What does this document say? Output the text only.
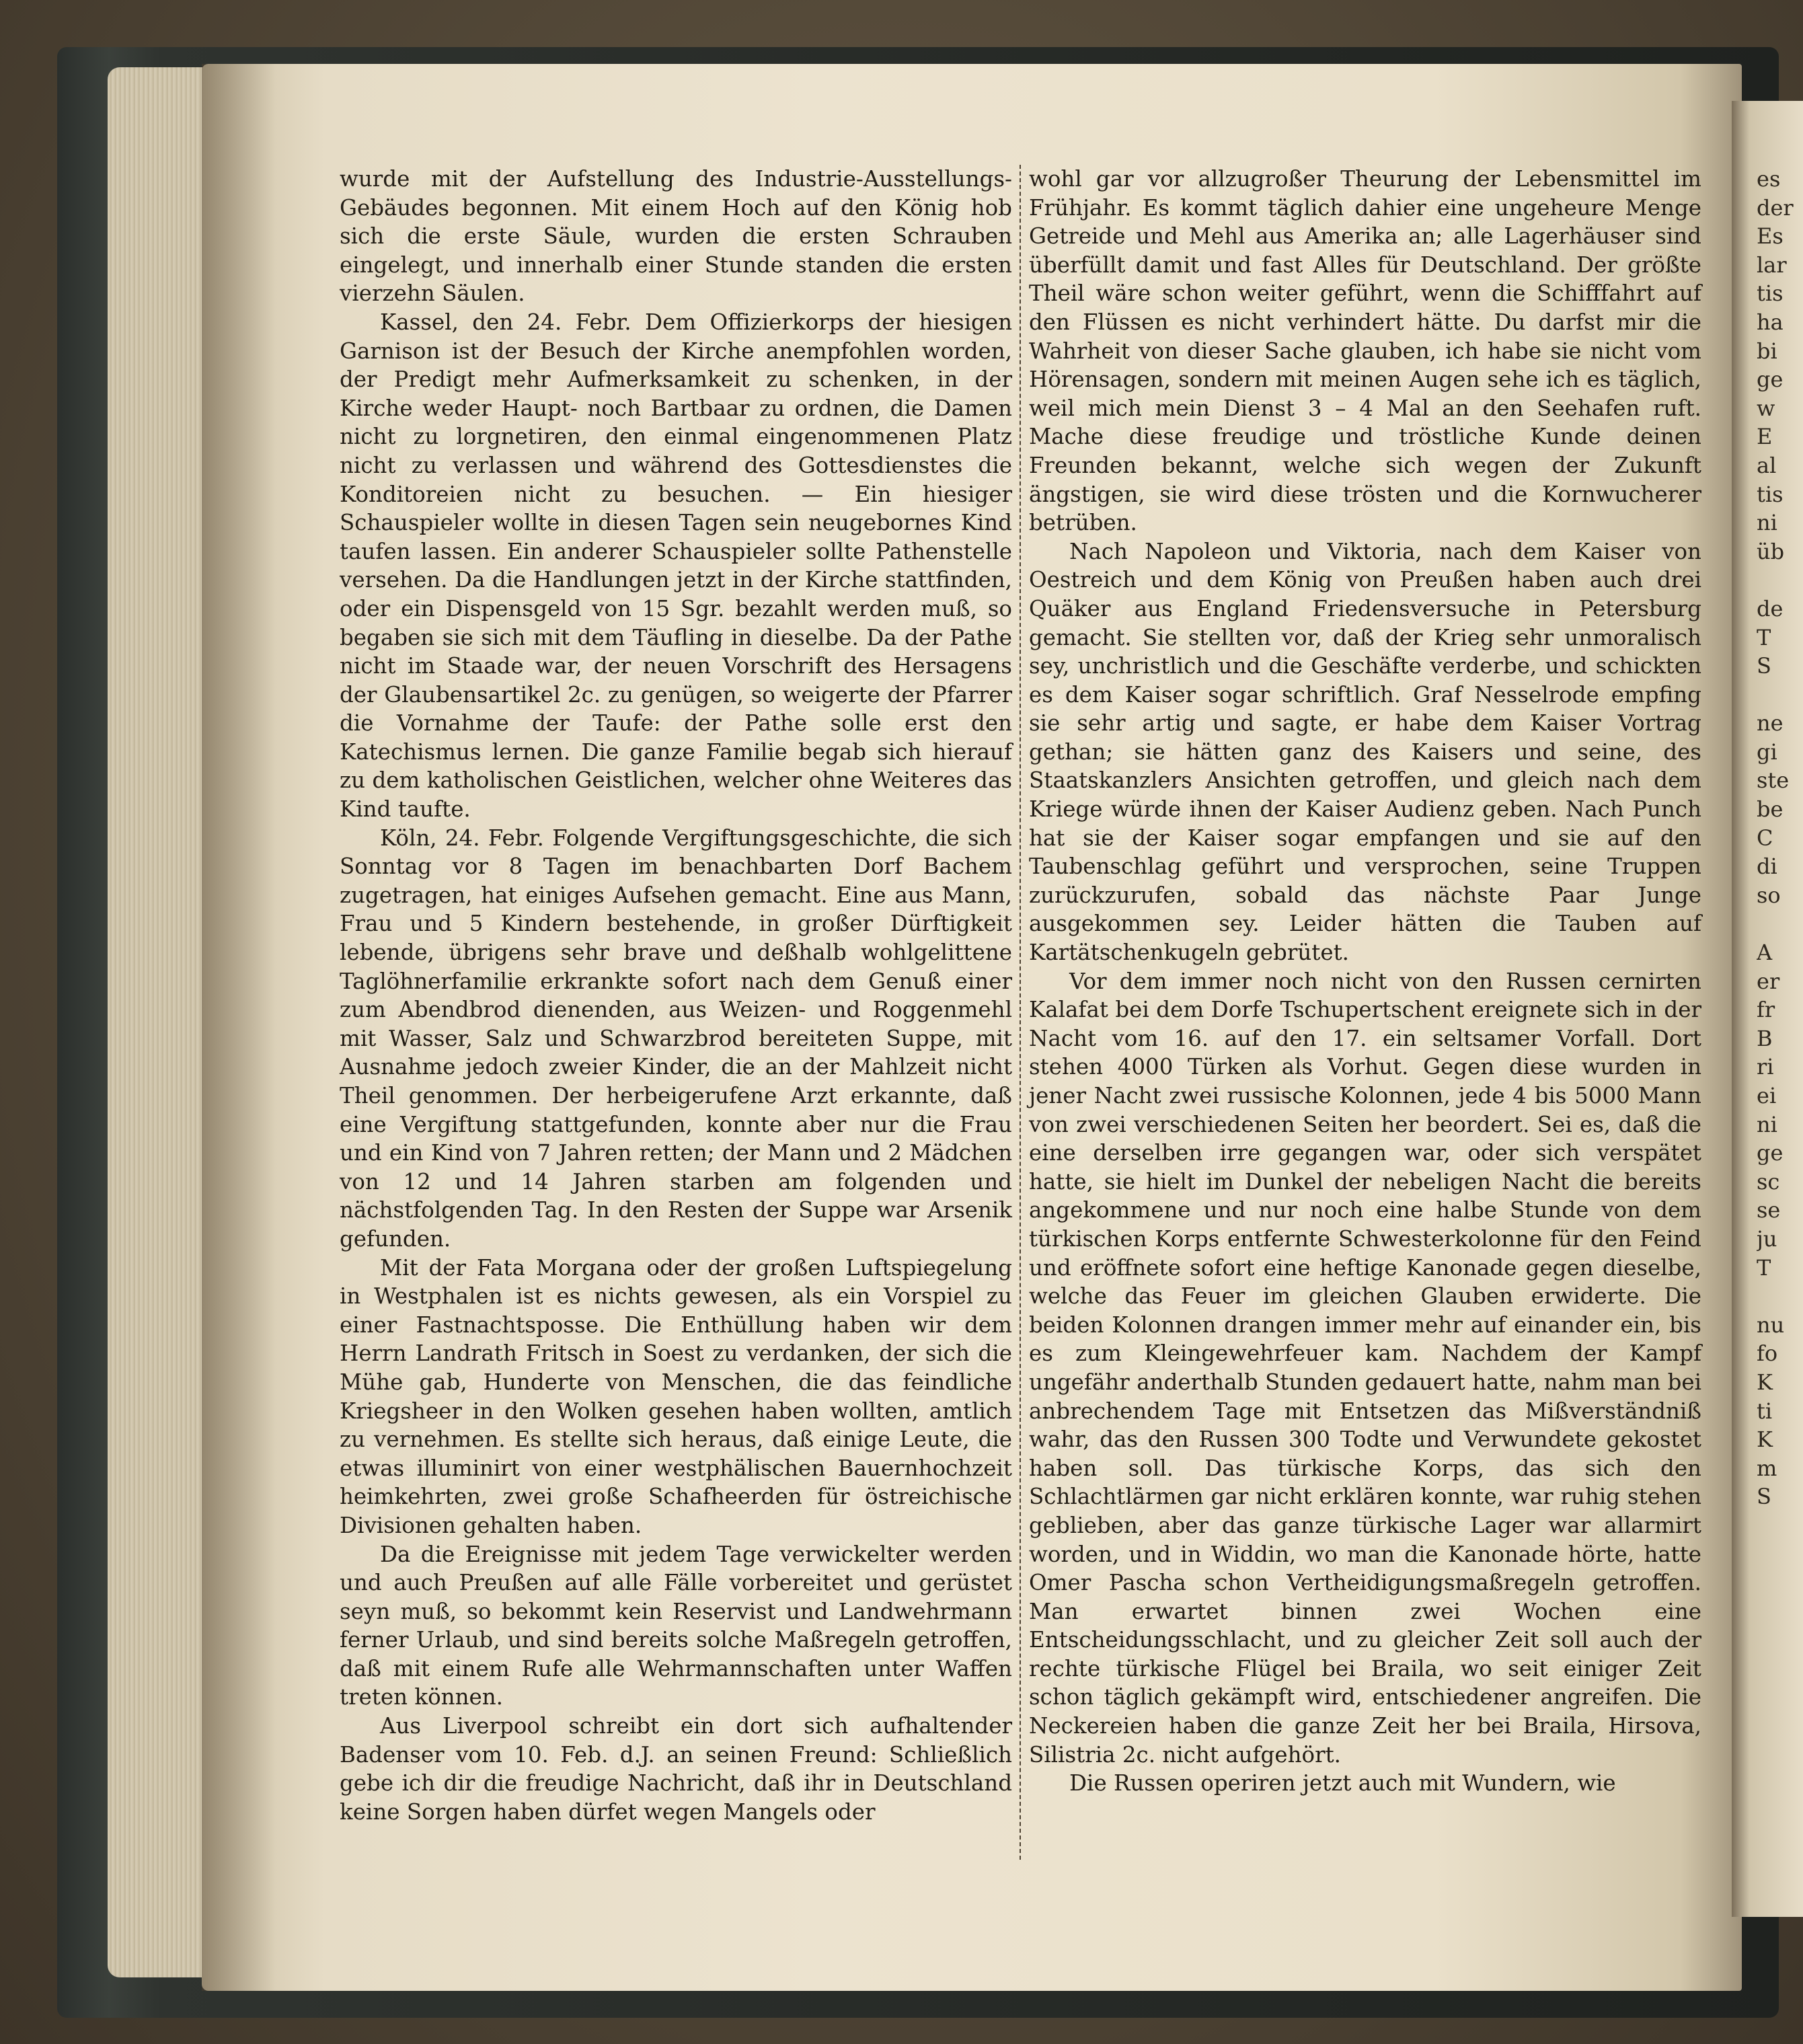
wurde mit der Aufstellung des Industrie-Ausstellungs-Gebäudes begonnen. Mit einem Hoch auf den König hob sich die erste Säule, wurden die ersten Schrauben eingelegt, und innerhalb einer Stunde standen die ersten vierzehn Säulen.

Kassel, den 24. Febr. Dem Offizierkorps der hiesigen Garnison ist der Besuch der Kirche anempfohlen worden, der Predigt mehr Aufmerksamkeit zu schenken, in der Kirche weder Haupt- noch Bartbaar zu ordnen, die Damen nicht zu lorgnetiren, den einmal eingenommenen Platz nicht zu verlassen und während des Gottesdienstes die Konditoreien nicht zu besuchen. — Ein hiesiger Schauspieler wollte in diesen Tagen sein neugebornes Kind taufen lassen. Ein anderer Schauspieler sollte Pathenstelle versehen. Da die Handlungen jetzt in der Kirche stattfinden, oder ein Dispensgeld von 15 Sgr. bezahlt werden muß, so begaben sie sich mit dem Täufling in dieselbe. Da der Pathe nicht im Staade war, der neuen Vorschrift des Hersagens der Glaubensartikel 2c. zu genügen, so weigerte der Pfarrer die Vornahme der Taufe: der Pathe solle erst den Katechismus lernen. Die ganze Familie begab sich hierauf zu dem katholischen Geistlichen, welcher ohne Weiteres das Kind taufte.

Köln, 24. Febr. Folgende Vergiftungsgeschichte, die sich Sonntag vor 8 Tagen im benachbarten Dorf Bachem zugetragen, hat einiges Aufsehen gemacht. Eine aus Mann, Frau und 5 Kindern bestehende, in großer Dürftigkeit lebende, übrigens sehr brave und deßhalb wohlgelittene Taglöhnerfamilie erkrankte sofort nach dem Genuß einer zum Abendbrod dienenden, aus Weizen- und Roggenmehl mit Wasser, Salz und Schwarzbrod bereiteten Suppe, mit Ausnahme jedoch zweier Kinder, die an der Mahlzeit nicht Theil genommen. Der herbeigerufene Arzt erkannte, daß eine Vergiftung stattgefunden, konnte aber nur die Frau und ein Kind von 7 Jahren retten; der Mann und 2 Mädchen von 12 und 14 Jahren starben am folgenden und nächstfolgenden Tag. In den Resten der Suppe war Arsenik gefunden.

Mit der Fata Morgana oder der großen Luftspiegelung in Westphalen ist es nichts gewesen, als ein Vorspiel zu einer Fastnachtsposse. Die Enthüllung haben wir dem Herrn Landrath Fritsch in Soest zu verdanken, der sich die Mühe gab, Hunderte von Menschen, die das feindliche Kriegsheer in den Wolken gesehen haben wollten, amtlich zu vernehmen. Es stellte sich heraus, daß einige Leute, die etwas illuminirt von einer westphälischen Bauernhochzeit heimkehrten, zwei große Schafheerden für östreichische Divisionen gehalten haben.

Da die Ereignisse mit jedem Tage verwickelter werden und auch Preußen auf alle Fälle vorbereitet und gerüstet seyn muß, so bekommt kein Reservist und Landwehrmann ferner Urlaub, und sind bereits solche Maßregeln getroffen, daß mit einem Rufe alle Wehrmannschaften unter Waffen treten können.

Aus Liverpool schreibt ein dort sich aufhaltender Badenser vom 10. Feb. d.J. an seinen Freund: Schließlich gebe ich dir die freudige Nachricht, daß ihr in Deutschland keine Sorgen haben dürfet wegen Mangels oder

wohl gar vor allzugroßer Theurung der Lebensmittel im Frühjahr. Es kommt täglich dahier eine ungeheure Menge Getreide und Mehl aus Amerika an; alle Lagerhäuser sind überfüllt damit und fast Alles für Deutschland. Der größte Theil wäre schon weiter geführt, wenn die Schifffahrt auf den Flüssen es nicht verhindert hätte. Du darfst mir die Wahrheit von dieser Sache glauben, ich habe sie nicht vom Hörensagen, sondern mit meinen Augen sehe ich es täglich, weil mich mein Dienst 3 – 4 Mal an den Seehafen ruft. Mache diese freudige und tröstliche Kunde deinen Freunden bekannt, welche sich wegen der Zukunft ängstigen, sie wird diese trösten und die Kornwucherer betrüben.

Nach Napoleon und Viktoria, nach dem Kaiser von Oestreich und dem König von Preußen haben auch drei Quäker aus England Friedensversuche in Petersburg gemacht. Sie stellten vor, daß der Krieg sehr unmoralisch sey, unchristlich und die Geschäfte verderbe, und schickten es dem Kaiser sogar schriftlich. Graf Nesselrode empfing sie sehr artig und sagte, er habe dem Kaiser Vortrag gethan; sie hätten ganz des Kaisers und seine, des Staatskanzlers Ansichten getroffen, und gleich nach dem Kriege würde ihnen der Kaiser Audienz geben. Nach Punch hat sie der Kaiser sogar empfangen und sie auf den Taubenschlag geführt und versprochen, seine Truppen zurückzurufen, sobald das nächste Paar Junge ausgekommen sey. Leider hätten die Tauben auf Kartätschenkugeln gebrütet.

Vor dem immer noch nicht von den Russen cernirten Kalafat bei dem Dorfe Tschupertschent ereignete sich in der Nacht vom 16. auf den 17. ein seltsamer Vorfall. Dort stehen 4000 Türken als Vorhut. Gegen diese wurden in jener Nacht zwei russische Kolonnen, jede 4 bis 5000 Mann von zwei verschiedenen Seiten her beordert. Sei es, daß die eine derselben irre gegangen war, oder sich verspätet hatte, sie hielt im Dunkel der nebeligen Nacht die bereits angekommene und nur noch eine halbe Stunde von dem türkischen Korps entfernte Schwesterkolonne für den Feind und eröffnete sofort eine heftige Kanonade gegen dieselbe, welche das Feuer im gleichen Glauben erwiderte. Die beiden Kolonnen drangen immer mehr auf einander ein, bis es zum Kleingewehrfeuer kam. Nachdem der Kampf ungefähr anderthalb Stunden gedauert hatte, nahm man bei anbrechendem Tage mit Entsetzen das Mißverständniß wahr, das den Russen 300 Todte und Verwundete gekostet haben soll. Das türkische Korps, das sich den Schlachtlärmen gar nicht erklären konnte, war ruhig stehen geblieben, aber das ganze türkische Lager war allarmirt worden, und in Widdin, wo man die Kanonade hörte, hatte Omer Pascha schon Vertheidigungsmaßregeln getroffen. Man erwartet binnen zwei Wochen eine Entscheidungsschlacht, und zu gleicher Zeit soll auch der rechte türkische Flügel bei Braila, wo seit einiger Zeit schon täglich gekämpft wird, entschiedener angreifen. Die Neckereien haben die ganze Zeit her bei Braila, Hirsova, Silistria 2c. nicht aufgehört.

Die Russen operiren jetzt auch mit Wundern, wie

es
der
Es
lar
tis
ha
bi
ge
w
E
al
tis
ni
üb
de
T
S
ne
gi
ste
be
C
di
so
A
er
fr
B
ri
ei
ni
ge
sc
se
ju
T
nu
fo
K
ti
K
m
S
